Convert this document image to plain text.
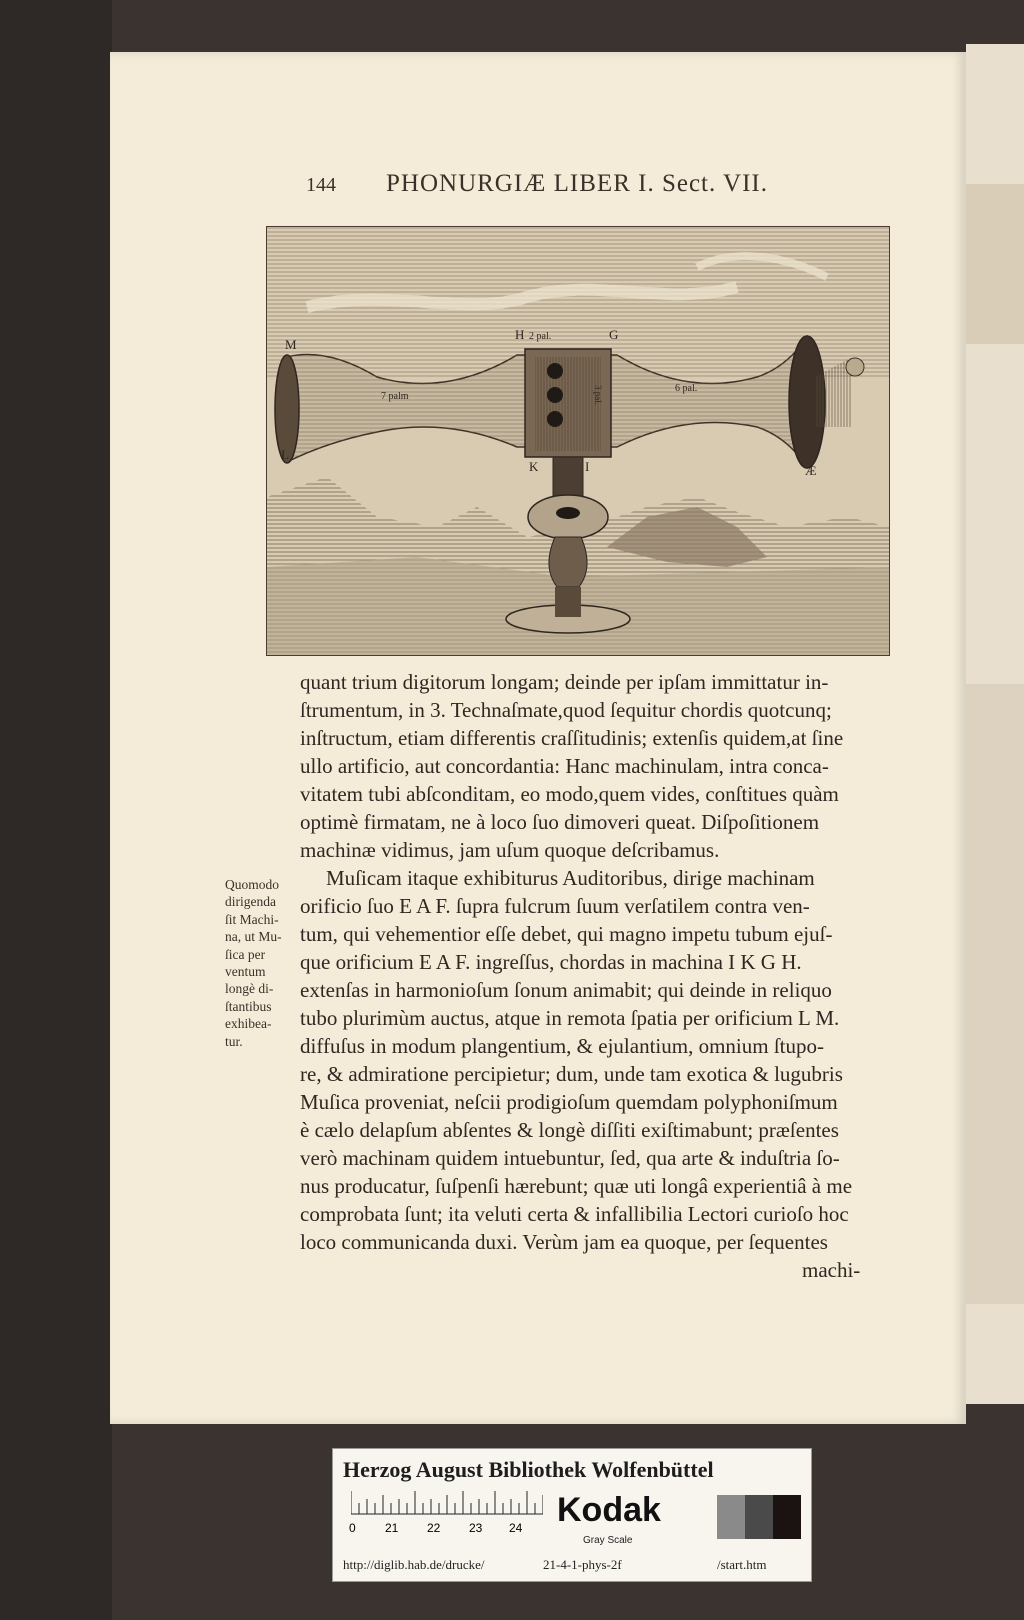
144 PHONURGIÆ LIBER I. Sect. VII.
M
L
H	G
K	I	Æ
2 pal.
7 palm
6 pal.
3 pal.
quant trium digitorum longam; deinde per ipſam immittatur in-
ſtrumentum, in 3. Technaſmate,quod ſequitur chordis quotcunq;
inſtructum, etiam differentis craſſitudinis; extenſis quidem,at ſine
ullo artificio, aut concordantia: Hanc machinulam, intra conca-
vitatem tubi abſconditam, eo modo,quem vides, conſtitues quàm
optimè firmatam, ne à loco ſuo dimoveri queat. Diſpoſitionem
machinæ vidimus, jam uſum quoque deſcribamus.
Muſicam itaque exhibiturus Auditoribus, dirige machinam
orificio ſuo E A F. ſupra fulcrum ſuum verſatilem contra ven-
tum, qui vehementior eſſe debet, qui magno impetu tubum ejuſ-
que orificium E A F. ingreſſus, chordas in machina I K G H.
extenſas in harmonioſum ſonum animabit; qui deinde in reliquo
tubo plurimùm auctus, atque in remota ſpatia per orificium L M.
diffuſus in modum plangentium, & ejulantium, omnium ſtupo-
re, & admiratione percipietur; dum, unde tam exotica & lugubris
Muſica proveniat, neſcii prodigioſum quemdam polyphoniſmum
è cælo delapſum abſentes & longè diſſiti exiſtimabunt; præſentes
verò machinam quidem intuebuntur, ſed, qua arte & induſtria ſo-
nus producatur, ſuſpenſi hærebunt; quæ uti longâ experientiâ à me
comprobata ſunt; ita veluti certa & infallibilia Lectori curioſo hoc
loco communicanda duxi. Verùm jam ea quoque, per ſequentes
machi-
Quomodo
dirigenda
ſit Machi-
na, ut Mu-
ſica per
ventum
longè di-
ſtantibus
exhibea-
tur.
Herzog August Bibliothek Wolfenbüttel
0 21 22 23 24 Kodak
Gray Scale
http://diglib.hab.de/drucke/	21-4-1-phys-2f	/start.htm
